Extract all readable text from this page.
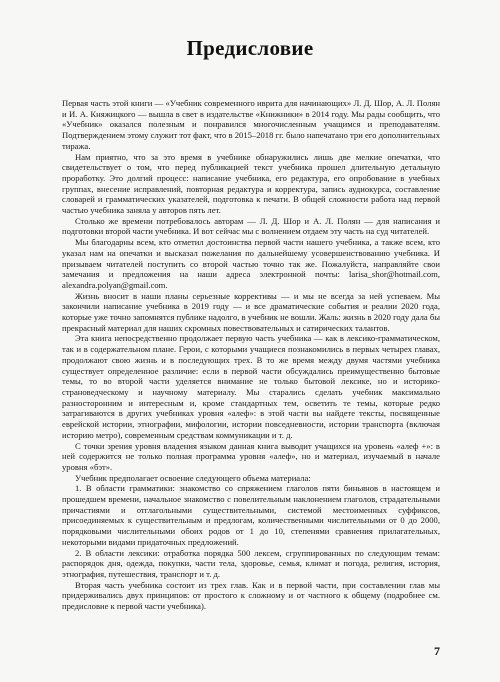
Предисловие

Первая часть этой книги — «Учебник современного иврита для начинающих» Л. Д. Шор, А. Л. Полян и И. А. Княжицкого — вышла в свет в издательстве «Книжники» в 2014 году. Мы рады сообщить, что «Учебник» оказался полезным и понравился многочисленным учащимся и преподавателям. Подтверждением этому служит тот факт, что в 2015–2018 гг. было напечатано три его дополнительных тиража.

Нам приятно, что за это время в учебнике обнаружились лишь две мелкие опечатки, что свидетельствует о том, что перед публикацией текст учебника прошел длительную детальную проработку. Это долгий процесс: написание учебника, его редактура, его опробование в учебных группах, внесение исправлений, повторная редактура и корректура, запись аудиокурса, составление словарей и грамматических указателей, подготовка к печати. В общей сложности работа над первой частью учебника заняла у авторов пять лет.

Столько же времени потребовалось авторам — Л. Д. Шор и А. Л. Полян — для написания и подготовки второй части учебника. И вот сейчас мы с волнением отдаем эту часть на суд читателей.

Мы благодарны всем, кто отметил достоинства первой части нашего учебника, а также всем, кто указал нам на опечатки и высказал пожелания по дальнейшему усовершенствованию учебника. И призываем читателей поступить со второй частью точно так же. Пожалуйста, направляйте свои замечания и предложения на наши адреса электронной почты: larisa_shor@hotmail.com, alexandra.polyan@gmail.com.

Жизнь вносит в наши планы серьезные коррективы — и мы не всегда за ней успеваем. Мы закончили написание учебника в 2019 году — и все драматические события и реалии 2020 года, которые уже точно запомнятся публике надолго, в учебник не вошли. Жаль: жизнь в 2020 году дала бы прекрасный материал для наших скромных повествовательных и сатирических талантов.

Эта книга непосредственно продолжает первую часть учебника — как в лексико-грамматическом, так и в содержательном плане. Герои, с которыми учащиеся познакомились в первых четырех главах, продолжают свою жизнь и в последующих трех. В то же время между двумя частями учебника существует определенное различие: если в первой части обсуждались преимущественно бытовые темы, то во второй части уделяется внимание не только бытовой лексике, но и историко-страноведческому и научному материалу. Мы старались сделать учебник максимально разносторонним и интересным и, кроме стандартных тем, осветить те темы, которые редко затрагиваются в других учебниках уровня «алеф»: в этой части вы найдете тексты, посвященные еврейской истории, этнографии, мифологии, истории повседневности, истории транспорта (включая историю метро), современным средствам коммуникации и т. д.

С точки зрения уровня владения языком данная книга выводит учащихся на уровень «алеф +»: в ней содержится не только полная программа уровня «алеф», но и материал, изучаемый в начале уровня «бэт».

Учебник предполагает освоение следующего объема материала:

1. В области грамматики: знакомство со спряжением глаголов пяти биньянов в настоящем и прошедшем времени, начальное знакомство с повелительным наклонением глаголов, страдательными причастиями и отглагольными существительными, системой местоименных суффиксов, присоединяемых к существительным и предлогам, количественными числительными от 0 до 2000, порядковыми числительными обоих родов от 1 до 10, степенями сравнения прилагательных, некоторыми видами придаточных предложений.

2. В области лексики: отработка порядка 500 лексем, сгруппированных по следующим темам: распорядок дня, одежда, покупки, части тела, здоровье, семья, климат и погода, религия, история, этнография, путешествия, транспорт и т. д.

Вторая часть учебника состоит из трех глав. Как и в первой части, при составлении глав мы придерживались двух принципов: от простого к сложному и от частного к общему (подробнее см. предисловие к первой части учебника).

7
